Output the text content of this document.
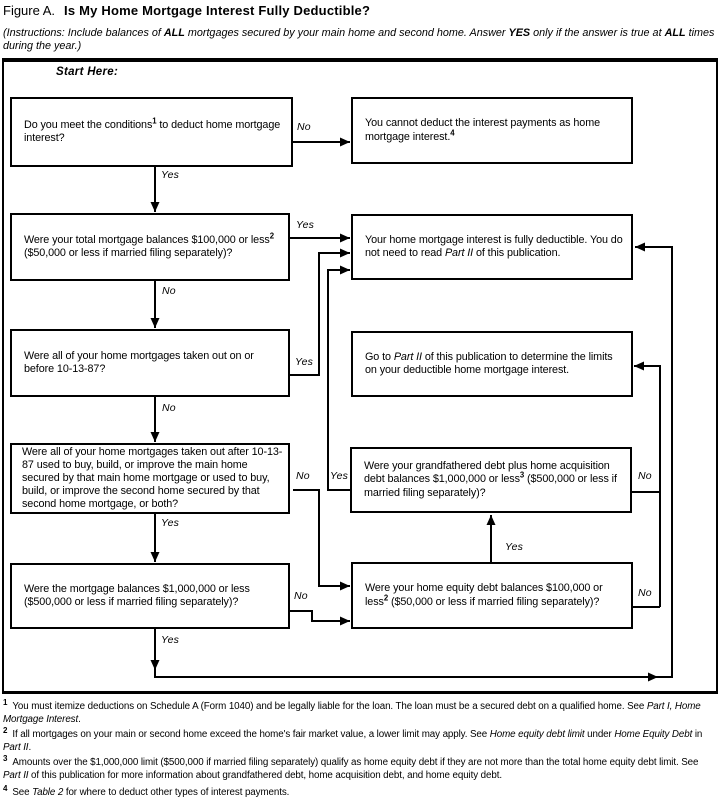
Figure A. Is My Home Mortgage Interest Fully Deductible?
(Instructions: Include balances of ALL mortgages secured by your main home and second home. Answer YES only if the answer is true at ALL times during the year.)
Start Here:
Do you meet the conditions$^1$ to deduct home mortgage interest?
You cannot deduct the interest payments as home mortgage interest.$^4$
Were your total mortgage balances $100,000 or less$^2$ ($50,000 or less if married filing separately)?
Your home mortgage interest is fully deductible. You do not need to read Part II of this publication.
Were all of your home mortgages taken out on or before 10-13-87?
Go to Part II of this publication to determine the limits on your deductible home mortgage interest.
Were all of your home mortgages taken out after 10-13-87 used to buy, build, or improve the main home secured by that main home mortgage or used to buy, build, or improve the second home secured by that second home mortgage, or both?
Were your grandfathered debt plus home acquisition debt balances $1,000,000 or less$^3$ ($500,000 or less if married filing separately)?
Were the mortgage balances $1,000,000 or less ($500,000 or less if married filing separately)?
Were your home equity debt balances $100,000 or less$^2$ ($50,000 or less if married filing separately)?
No
Yes
Yes
No
Yes
No
No
Yes
Yes	No
No
Yes
Yes
No
$^1$ You must itemize deductions on Schedule A (Form 1040) and be legally liable for the loan. The loan must be a secured debt on a qualified home. See Part I, Home Mortgage Interest.
$^2$ If all mortgages on your main or second home exceed the home's fair market value, a lower limit may apply. See Home equity debt limit under Home Equity Debt in Part II.
$^3$ Amounts over the $1,000,000 limit ($500,000 if married filing separately) qualify as home equity debt if they are not more than the total home equity debt limit. See Part II of this publication for more information about grandfathered debt, home acquisition debt, and home equity debt.
$^4$ See Table 2 for where to deduct other types of interest payments.
